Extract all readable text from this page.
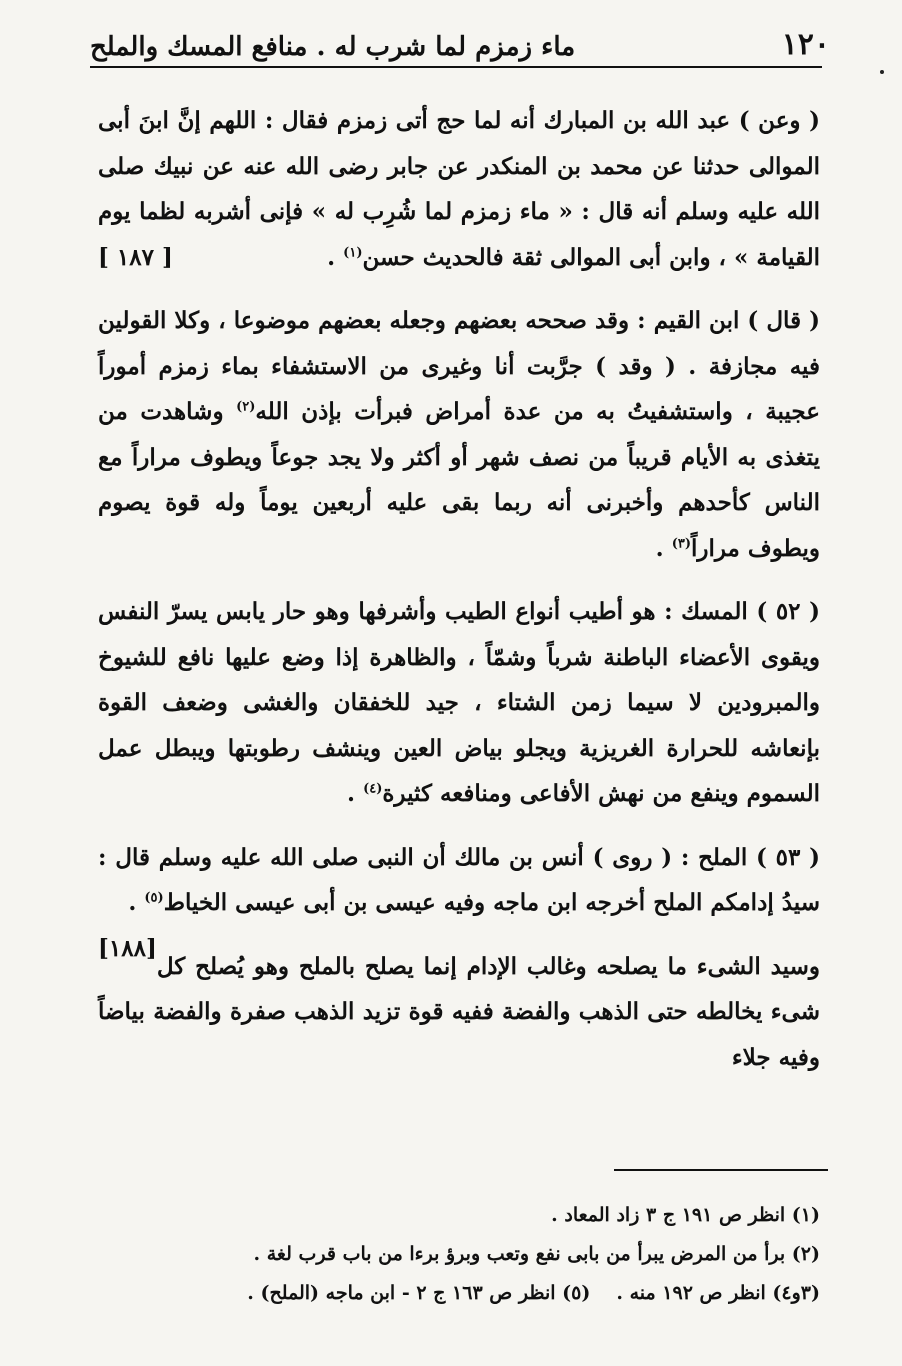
١٢٠
ماء زمزم لما شرب له . منافع المسك والملح

( وعن ) عبد الله بن المبارك أنه لما حج أتى زمزم فقال : اللهم إنَّ ابنَ أبى الموالى حدثنا عن محمد بن المنكدر عن جابر رضى الله عنه عن نبيك صلى الله عليه وسلم أنه قال : « ماء زمزم لما شُرِب له » فإنى أشربه لظما يوم القيامة » ، وابن أبى الموالى ثقة فالحديث حسن$^{(١)}$ .
[ ١٨٧ ]

( قال ) ابن القيم : وقد صححه بعضهم وجعله بعضهم موضوعا ، وكلا القولين فيه مجازفة . ( وقد ) جرَّبت أنا وغيرى من الاستشفاء بماء زمزم أموراً عجيبة ، واستشفيتُ به من عدة أمراض فبرأت بإذن الله$^{(٢)}$ وشاهدت من يتغذى به الأيام قريباً من نصف شهر أو أكثر ولا يجد جوعاً ويطوف مراراً مع الناس كأحدهم وأخبرنى أنه ربما بقى عليه أربعين يوماً وله قوة يصوم ويطوف مراراً$^{(٣)}$ .

( ٥٢ ) المسك : هو أطيب أنواع الطيب وأشرفها وهو حار يابس يسرّ النفس ويقوى الأعضاء الباطنة شرباً وشمّاً ، والظاهرة إذا وضع عليها نافع للشيوخ والمبرودين لا سيما زمن الشتاء ، جيد للخفقان والغشى وضعف القوة بإنعاشه للحرارة الغريزية ويجلو بياض العين وينشف رطوبتها ويبطل عمل السموم وينفع من نهش الأفاعى ومنافعه كثيرة$^{(٤)}$ .

( ٥٣ ) الملح : ( روى ) أنس بن مالك أن النبى صلى الله عليه وسلم قال : سيدُ إدامكم الملح أخرجه ابن ماجه وفيه عيسى بن أبى عيسى الخياط$^{(٥)}$ .
[١٨٨]

وسيد الشىء ما يصلحه وغالب الإدام إنما يصلح بالملح وهو يُصلح كل شىء يخالطه حتى الذهب والفضة ففيه قوة تزيد الذهب صفرة والفضة بياضاً وفيه جلاء

(١) انظر ص ١٩١ ج ٣ زاد المعاد .

(٢) برأ من المرض يبرأ من بابى نفع وتعب وبرؤ برءا من باب قرب لغة .

(٣و٤) انظر ص ١٩٢ منه .(٥) انظر ص ١٦٣ ج ٢ - ابن ماجه (الملح) .
